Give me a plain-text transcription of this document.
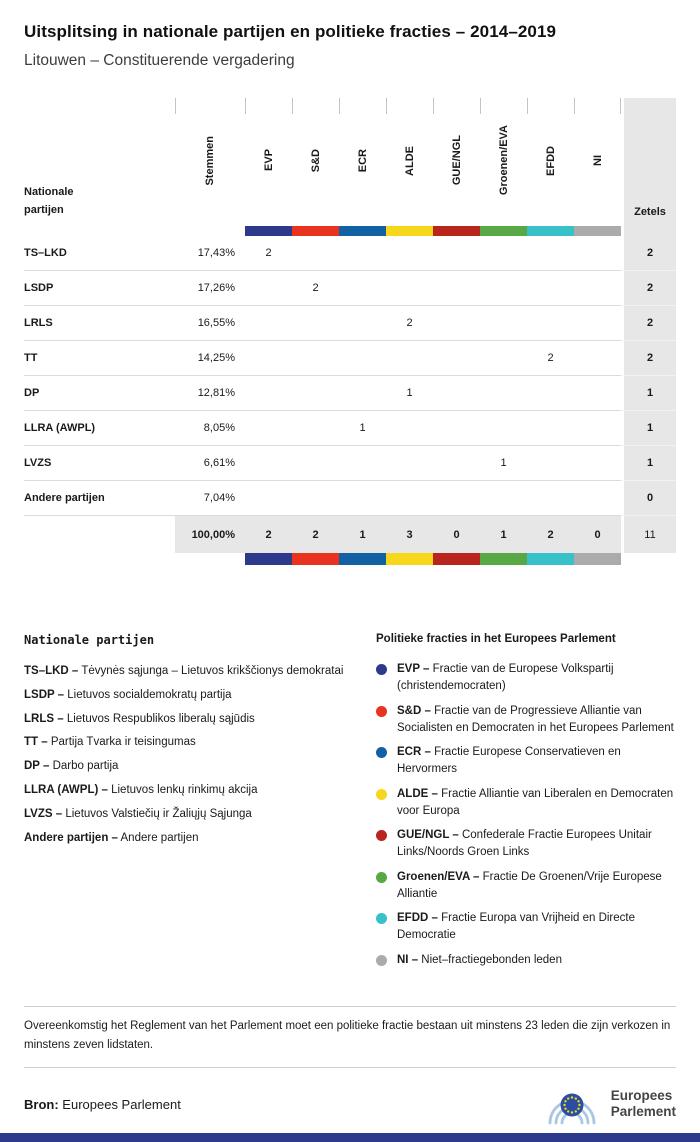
Uitsplitsing in nationale partijen en politieke fracties – 2014–2019
Litouwen – Constituerende vergadering
Nationale partijen	Stemmen	EVP	S&D	ECR	ALDE	GUE/NGL	Groenen/EVA	EFDD	NI	Zetels

TS–LKD	17,43%	2								2
LSDP	17,26%		2							2
LRLS	16,55%				2					2
TT	14,25%							2		2
DP	12,81%				1					1
LLRA (AWPL)	8,05%			1						1
LVZS	6,61%						1			1
Andere partijen	7,04%									0
	100,00%	2	2	1	3	0	1	2	0	11

Nationale partijen

TS–LKD – Tėvynės sąjunga – Lietuvos krikščionys demokratai

LSDP – Lietuvos socialdemokratų partija

LRLS – Lietuvos Respublikos liberalų sąjūdis

TT – Partija Tvarka ir teisingumas

DP – Darbo partija

LLRA (AWPL) – Lietuvos lenkų rinkimų akcija

LVZS – Lietuvos Valstiečių ir Žaliųjų Sąjunga

Andere partijen – Andere partijen

Politieke fracties in het Europees Parlement
EVP – Fractie van de Europese Volkspartij (christendemocraten)
S&D – Fractie van de Progressieve Alliantie van Socialisten en Democraten in het Europees Parlement
ECR – Fractie Europese Conservatieven en Hervormers
ALDE – Fractie Alliantie van Liberalen en Democraten voor Europa
GUE/NGL – Confederale Fractie Europees Unitair Links/Noords Groen Links
Groenen/EVA – Fractie De Groenen/Vrije Europese Alliantie
EFDD – Fractie Europa van Vrijheid en Directe Democratie
NI – Niet–fractiegebonden leden

Overeenkomstig het Reglement van het Parlement moet een politieke fractie bestaan uit minstens 23 leden die zijn verkozen in minstens zeven lidstaten.

Bron: Europees Parlement

Europees
Parlement
